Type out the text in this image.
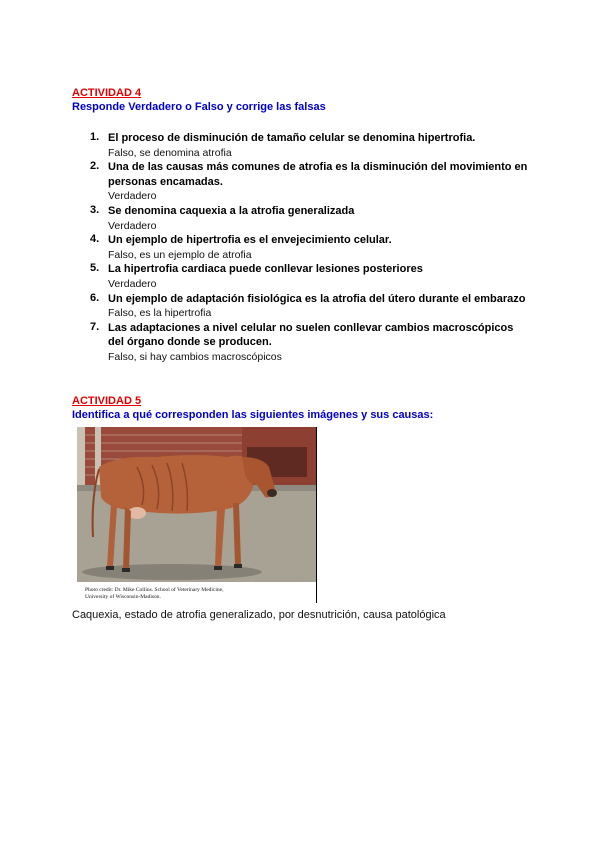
ACTIVIDAD 4
Responde Verdadero o Falso y corrige las falsas
1. El proceso de disminución de tamaño celular se denomina hipertrofia.
Falso, se denomina atrofia
2. Una de las causas más comunes de atrofia es la disminución del movimiento en personas encamadas.
Verdadero
3. Se denomina caquexia a la atrofia generalizada
Verdadero
4. Un ejemplo de hipertrofia es el envejecimiento celular.
Falso, es un ejemplo de atrofia
5. La hipertrofia cardiaca puede conllevar lesiones posteriores
Verdadero
6. Un ejemplo de adaptación fisiológica es la atrofia del útero durante el embarazo
Falso, es la hipertrofia
7. Las adaptaciones a nivel celular no suelen conllevar cambios macroscópicos del órgano donde se producen.
Falso, si hay cambios macroscópicos
ACTIVIDAD 5
Identifica a qué corresponden las siguientes imágenes y sus causas:
Photo credit: Dr. Mike Collins. School of Veterinary Medicine,
University of Wisconsin-Madison.
Caquexia, estado de atrofia generalizado, por desnutrición, causa patológica
